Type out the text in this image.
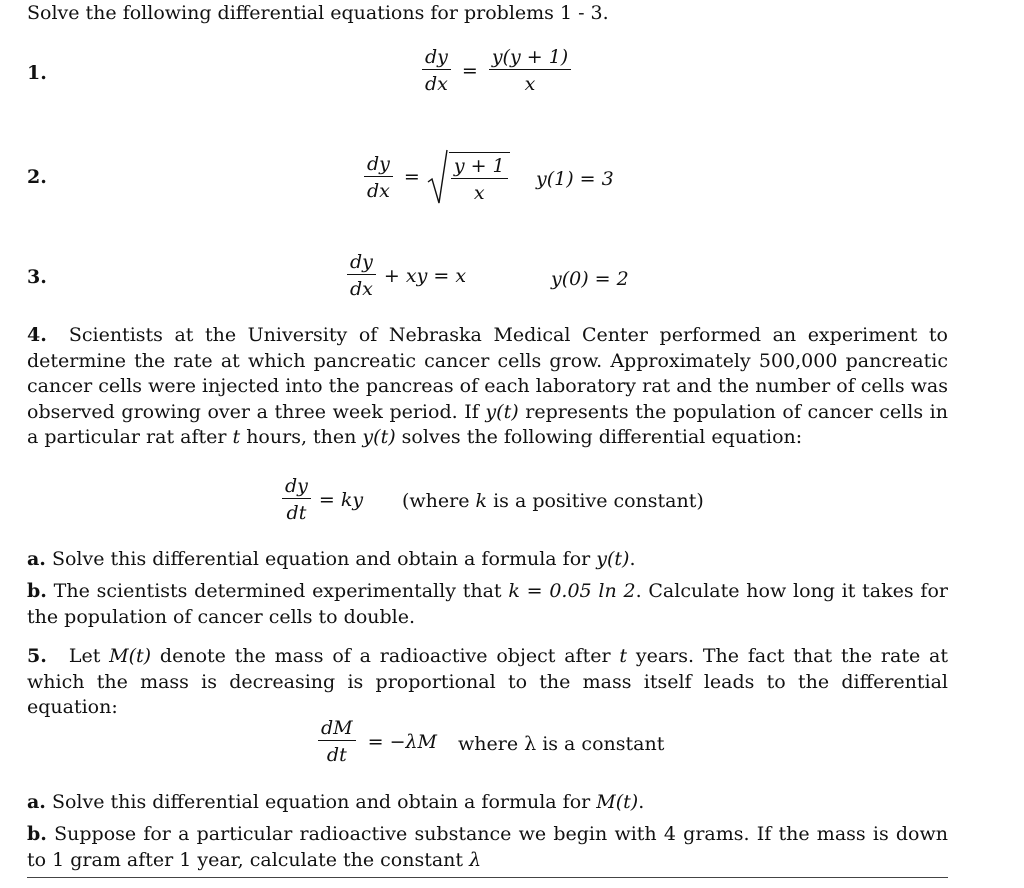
Solve the following differential equations for problems 1 - 3.
1.	$\frac{dy}{dx} = \frac{y(y + 1)}{x}$
2.	$\frac{dy}{dx} = \frac{y + 1}{x} y(1) = 3$
3.	$\frac{dy}{dx}$ + xy = x	y(0) = 2
4. Scientists at the University of Nebraska Medical Center performed an experiment to determine the rate at which pancreatic cancer cells grow. Approximately 500,000 pancreatic cancer cells were injected into the pancreas of each laboratory rat and the number of cells was observed growing over a three week period. If y(t) represents the population of cancer cells in a particular rat after t hours, then y(t) solves the following differential equation:
$\frac{dy}{dt}$ = ky (where k is a positive constant)
a. Solve this differential equation and obtain a formula for y(t).
b. The scientists determined experimentally that k = 0.05 ln 2. Calculate how long it takes for the population of cancer cells to double.
5. Let M(t) denote the mass of a radioactive object after t years. The fact that the rate at which the mass is decreasing is proportional to the mass itself leads to the differential equation:
$\frac{dM}{dt} = -\lambda M$ where λ is a constant
a. Solve this differential equation and obtain a formula for M(t).
b. Suppose for a particular radioactive substance we begin with 4 grams. If the mass is down to 1 gram after 1 year, calculate the constant λ
